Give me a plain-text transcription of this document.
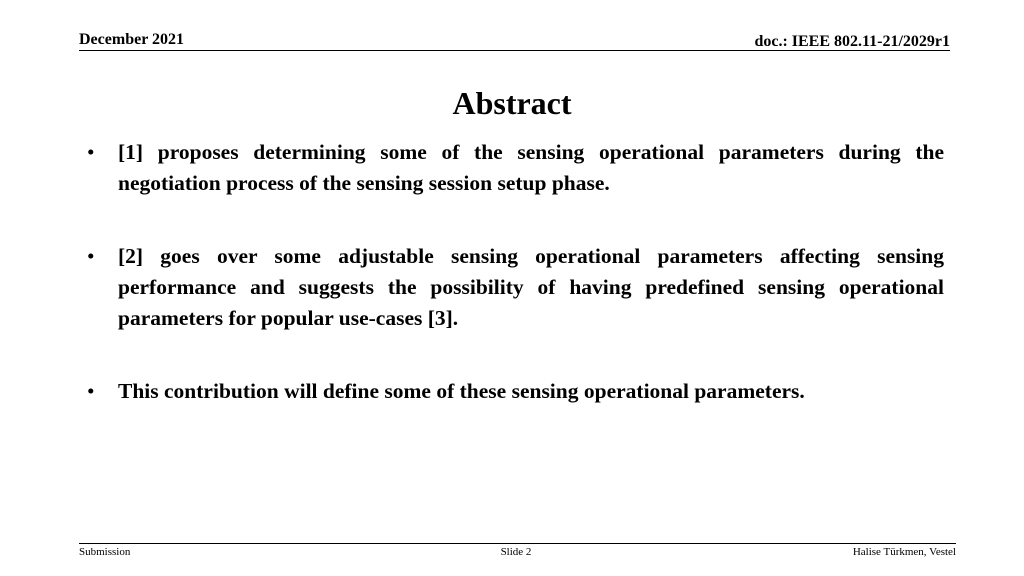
December 2021	doc.: IEEE 802.11-21/2029r1
Abstract
• [1] proposes determining some of the sensing operational parameters during the negotiation process of the sensing session setup phase.
• [2] goes over some adjustable sensing operational parameters affecting sensing performance and suggests the possibility of having predefined sensing operational parameters for popular use-cases [3].
• This contribution will define some of these sensing operational parameters.
Submission	Slide 2	Halise Türkmen, Vestel
